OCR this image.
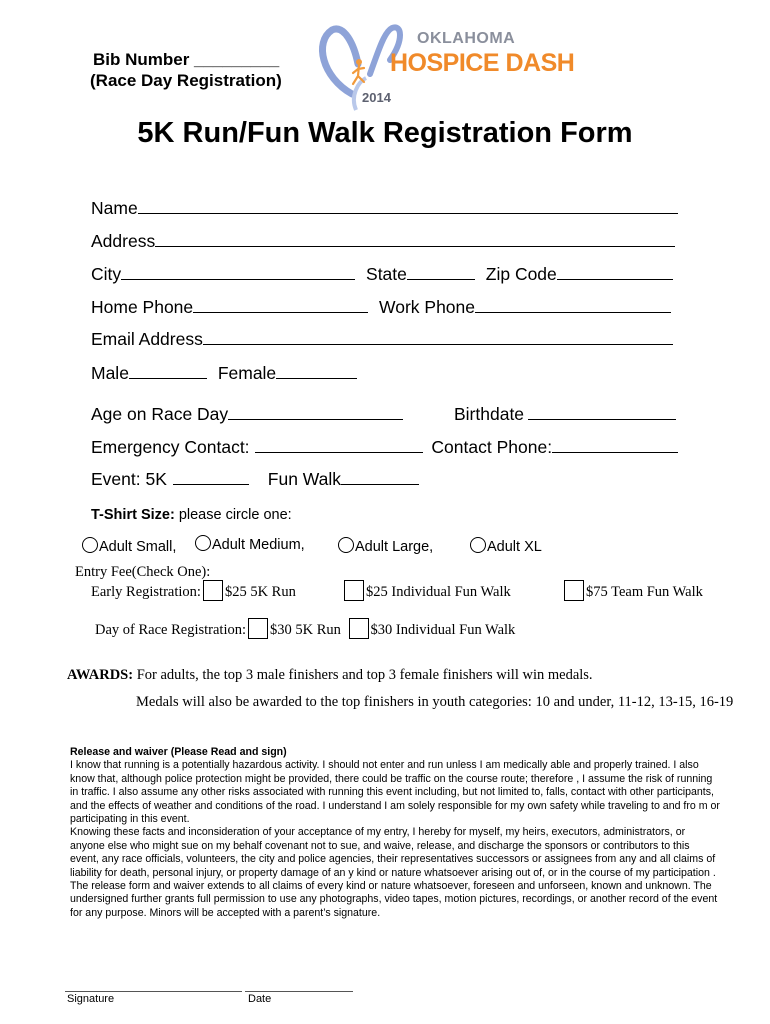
Bib Number _________
(Race Day Registration)
OKLAHOMA
HOSPICE DASH
2014
5K Run/Fun Walk Registration Form
Name
Address
City	State	Zip Code
Home Phone	Work Phone
Email Address
Male	Female
Age on Race Day	Birthdate
Emergency Contact:	Contact Phone:
Event: 5K	Fun Walk
T-Shirt Size: please circle one:
Adult Small,	Adult Medium,	Adult Large,	Adult XL
Entry Fee(Check One):
Early Registration: $25 5K Run	$25 Individual Fun Walk	$75 Team Fun Walk
Day of Race Registration: $30 5K Run $30 Individual Fun Walk
AWARDS: For adults, the top 3 male finishers and top 3 female finishers will win medals.
Medals will also be awarded to the top finishers in youth categories: 10 and under, 11-12, 13-15, 16-19

Release and waiver (Please Read and sign)

I know that running is a potentially hazardous activity. I should not enter and run unless I am medically able and properly trained. I also know that, although police protection might be provided, there could be traffic on the course route; therefore , I assume the risk of running in traffic. I also assume any other risks associated with running this event including, but not limited to, falls, contact with other participants, and the effects of weather and conditions of the road. I understand I am solely responsible for my own safety while traveling to and fro m or participating in this event.

Knowing these facts and inconsideration of your acceptance of my entry, I hereby for myself, my heirs, executors, administrators, or anyone else who might sue on my behalf covenant not to sue, and waive, release, and discharge the sponsors or contributors to this event, any race officials, volunteers, the city and police agencies, their representatives successors or assignees from any and all claims of liability for death, personal injury, or property damage of an y kind or nature whatsoever arising out of, or in the course of my participation .

The release form and waiver extends to all claims of every kind or nature whatsoever, foreseen and unforseen, known and unknown. The undersigned further grants full permission to use any photographs, video tapes, motion pictures, recordings, or another record of the event for any purpose. Minors will be accepted with a parent’s signature.

Signature	Date
